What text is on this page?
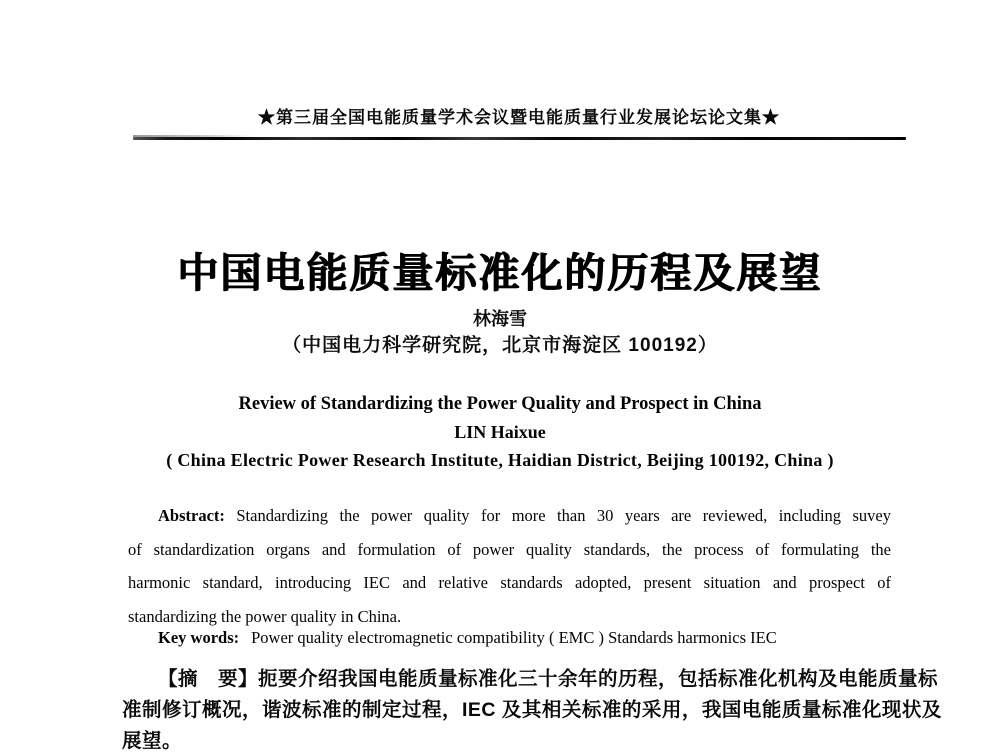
★第三届全国电能质量学术会议暨电能质量行业发展论坛论文集★
中国电能质量标准化的历程及展望
林海雪
（中国电力科学研究院，北京市海淀区 100192）
Review of Standardizing the Power Quality and Prospect in China
LIN Haixue
( China Electric Power Research Institute, Haidian District, Beijing 100192, China )
Abstract: Standardizing the power quality for more than 30 years are reviewed, including suvey
of standardization organs and formulation of power quality standards, the process of formulating the
harmonic standard, introducing IEC and relative standards adopted, present situation and prospect of
standardizing the power quality in China.
Key words: Power quality electromagnetic compatibility ( EMC ) Standards harmonics IEC
【摘　要】扼要介绍我国电能质量标准化三十余年的历程，包括标准化机构及电能质量标
准制修订概况，谐波标准的制定过程，IEC 及其相关标准的采用，我国电能质量标准化现状及
展望。
